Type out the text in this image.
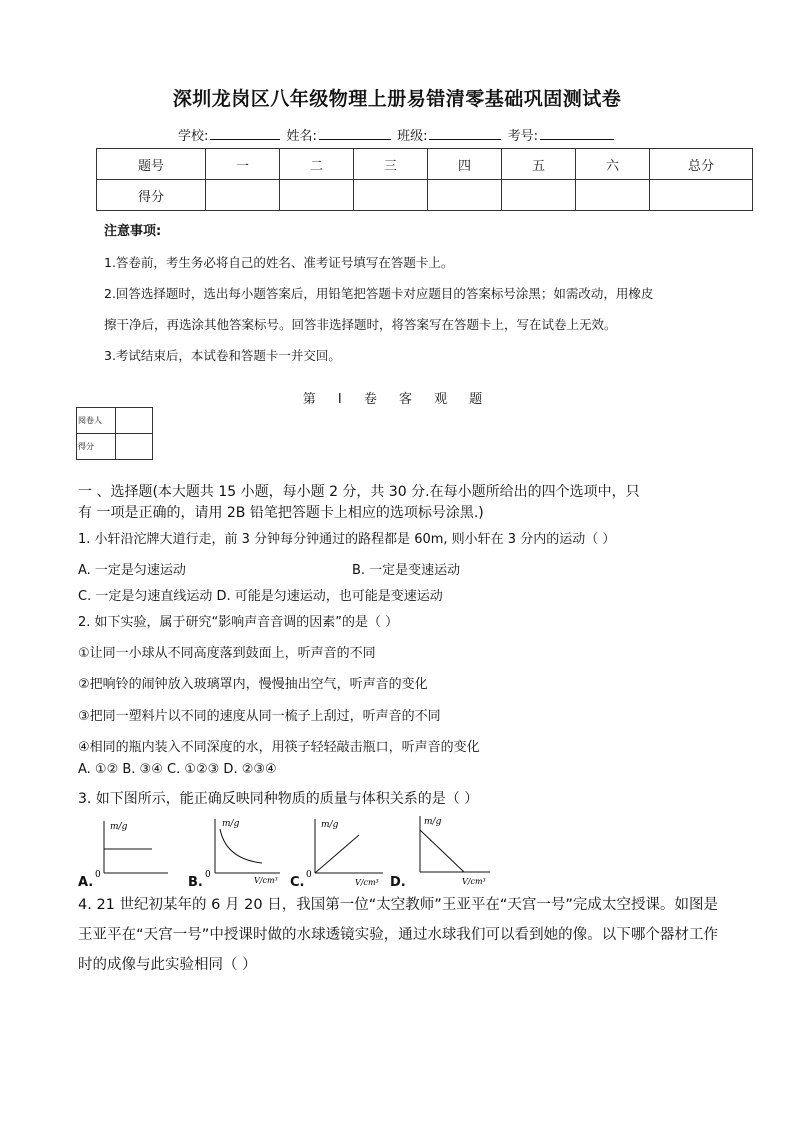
深圳龙岗区八年级物理上册易错清零基础巩固测试卷
学校:	姓名:	班级:	考号:
题号	一	二	三	四	五	六	总分
得分							
注意事项:
1.答卷前，考生务必将自己的姓名、准考证号填写在答题卡上。
2.回答选择题时，选出每小题答案后，用铅笔把答题卡对应题目的答案标号涂黑；如需改动，用橡皮
擦干净后，再选涂其他答案标号。回答非选择题时，将答案写在答题卡上，写在试卷上无效。
3.考试结束后，本试卷和答题卡一并交回。
第 I 卷 客 观 题
阅卷人	
得分	
一 、选择题(本大题共 15 小题，每小题 2 分，共 30 分.在每小题所给出的四个选项中，只
有 一项是正确的，请用 2B 铅笔把答题卡上相应的选项标号涂黑.)
1. 小轩沿沱牌大道行走，前 3 分钟每分钟通过的路程都是 60m, 则小轩在 3 分内的运动（ ）
A. 一定是匀速运动	B. 一定是变速运动
C. 一定是匀速直线运动 D. 可能是匀速运动，也可能是变速运动
2. 如下实验，属于研究“影响声音音调的因素”的是（ ）
①让同一小球从不同高度落到鼓面上，听声音的不同
②把响铃的闹钟放入玻璃罩内，慢慢抽出空气，听声音的变化
③把同一塑料片以不同的速度从同一梳子上刮过，听声音的不同
④相同的瓶内装入不同深度的水，用筷子轻轻敲击瓶口，听声音的变化
A. ①② B. ③④ C. ①②③ D. ②③④
3. 如下图所示，能正确反映同种物质的质量与体积关系的是（ ）
m/g
0
m/g
0
V/cm³
m/g
0
V/cm³
m/g
V/cm³
A.	B.	C.	D.
4. 21 世纪初某年的 6 月 20 日，我国第一位“太空教师”王亚平在“天宫一号”完成太空授课。如图是王亚平在“天宫一号”中授课时做的水球透镜实验，通过水球我们可以看到她的像。以下哪个器材工作时的成像与此实验相同（ ）
